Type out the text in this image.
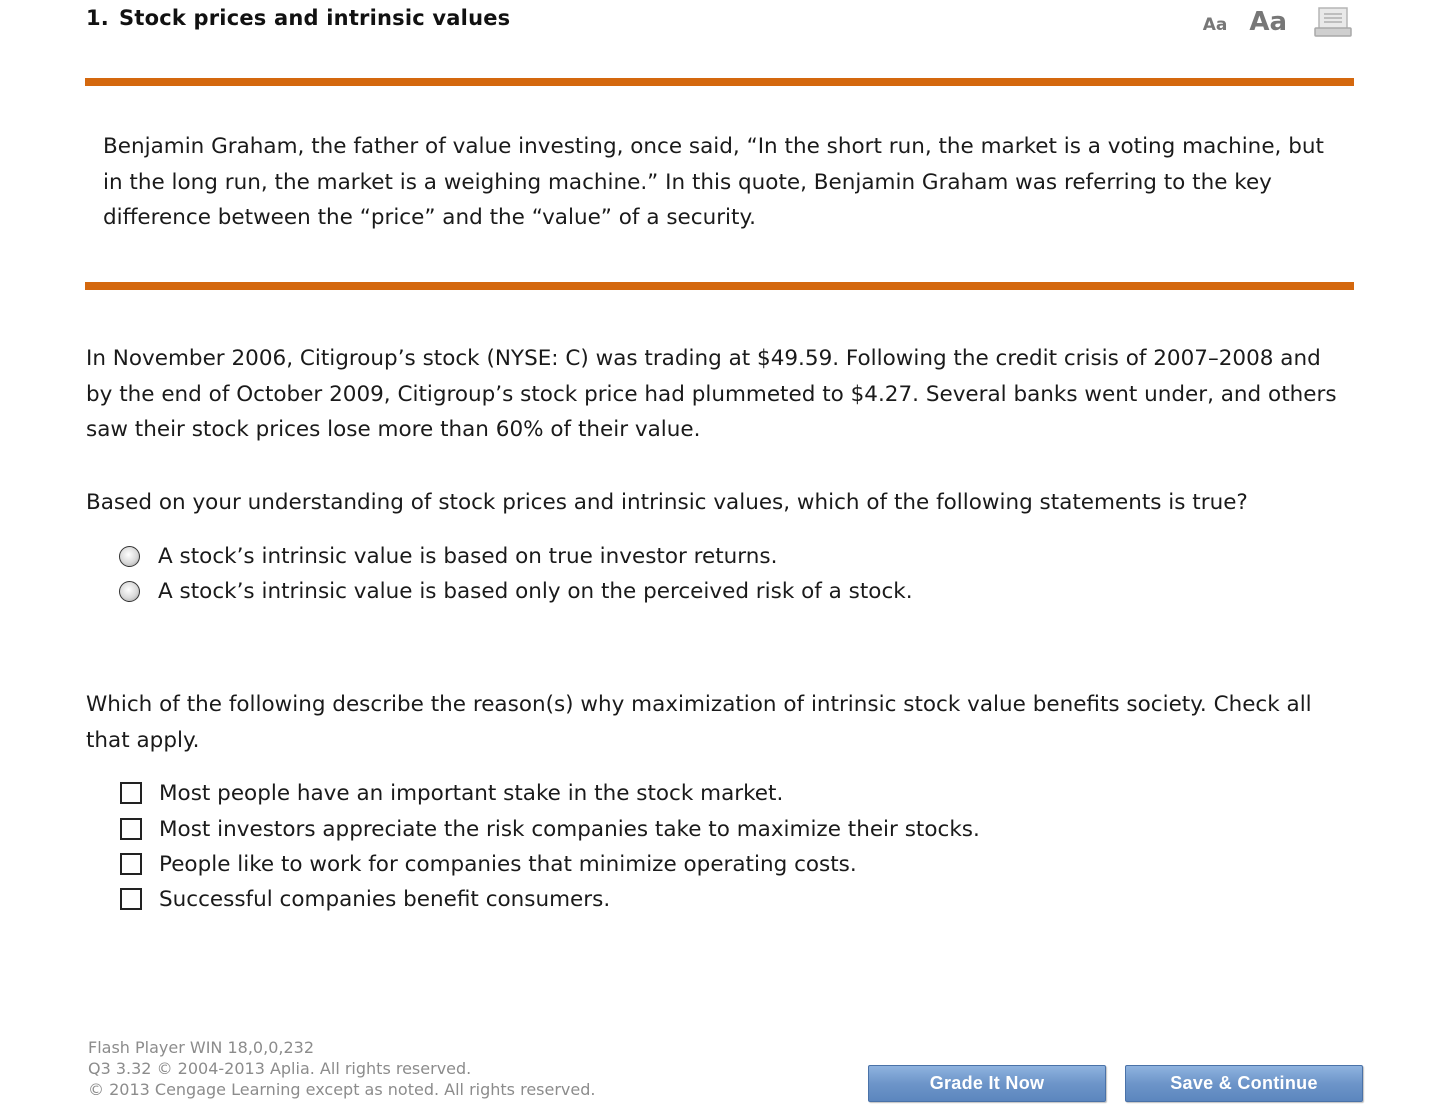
1. Stock prices and intrinsic values	Aa Aa
Benjamin Graham, the father of value investing, once said, “In the short run, the market is a voting machine, but in the long run, the market is a weighing machine.” In this quote, Benjamin Graham was referring to the key difference between the “price” and the “value” of a security.
In November 2006, Citigroup’s stock (NYSE: C) was trading at $49.59. Following the credit crisis of 2007–2008 and by the end of October 2009, Citigroup’s stock price had plummeted to $4.27. Several banks went under, and others saw their stock prices lose more than 60% of their value.
Based on your understanding of stock prices and intrinsic values, which of the following statements is true?
A stock’s intrinsic value is based on true investor returns.
A stock’s intrinsic value is based only on the perceived risk of a stock.
Which of the following describe the reason(s) why maximization of intrinsic stock value benefits society. Check all that apply.
Most people have an important stake in the stock market.
Most investors appreciate the risk companies take to maximize their stocks.
People like to work for companies that minimize operating costs.
Successful companies benefit consumers.
Flash Player WIN 18,0,0,232
Q3 3.32 © 2004-2013 Aplia. All rights reserved.
© 2013 Cengage Learning except as noted. All rights reserved.	Grade It Now	Save & Continue
